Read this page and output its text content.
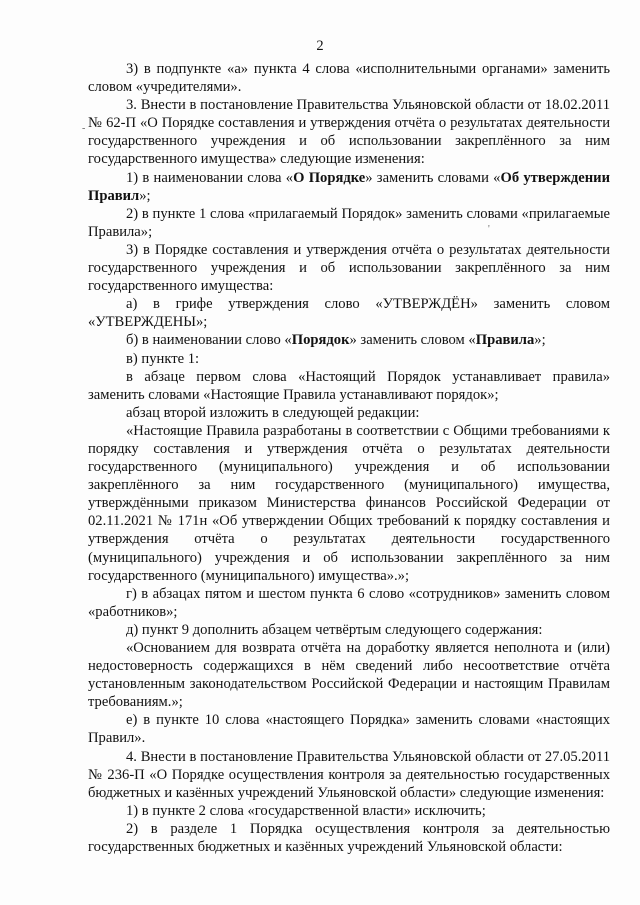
2

3) в подпункте «а» пункта 4 слова «исполнительными органами» заменить словом «учредителями».

3. Внести в постановление Правительства Ульяновской области от 18.02.2011 № 62-П «О Порядке составления и утверждения отчёта о результатах деятельности государственного учреждения и об использовании закреплённого за ним государственного имущества» следующие изменения:

1) в наименовании слова «О Порядке» заменить словами «Об утверждении Правил»;

2) в пункте 1 слова «прилагаемый Порядок» заменить словами «прилагаемые Правила»;

3) в Порядке составления и утверждения отчёта о результатах деятельности государственного учреждения и об использовании закреплённого за ним государственного имущества:

а) в грифе утверждения слово «УТВЕРЖДЁН» заменить словом «УТВЕРЖДЕНЫ»;

б) в наименовании слово «Порядок» заменить словом «Правила»;

в) пункте 1:

в абзаце первом слова «Настоящий Порядок устанавливает правила» заменить словами «Настоящие Правила устанавливают порядок»;

абзац второй изложить в следующей редакции:

«Настоящие Правила разработаны в соответствии с Общими требованиями к порядку составления и утверждения отчёта о результатах деятельности государственного (муниципального) учреждения и об использовании закреплённого за ним государственного (муниципального) имущества, утверждёнными приказом Министерства финансов Российской Федерации от 02.11.2021 № 171н «Об утверждении Общих требований к порядку составления и утверждения отчёта о результатах деятельности государственного (муниципального) учреждения и об использовании закреплённого за ним государственного (муниципального) имущества».»;

г) в абзацах пятом и шестом пункта 6 слово «сотрудников» заменить словом «работников»;

д) пункт 9 дополнить абзацем четвёртым следующего содержания:

«Основанием для возврата отчёта на доработку является неполнота и (или) недостоверность содержащихся в нём сведений либо несоответствие отчёта установленным законодательством Российской Федерации и настоящим Правилам требованиям.»;

е) в пункте 10 слова «настоящего Порядка» заменить словами «настоящих Правил».

4. Внести в постановление Правительства Ульяновской области от 27.05.2011 № 236-П «О Порядке осуществления контроля за деятельностью государственных бюджетных и казённых учреждений Ульяновской области» следующие изменения:

1) в пункте 2 слова «государственной власти» исключить;

2) в разделе 1 Порядка осуществления контроля за деятельностью государственных бюджетных и казённых учреждений Ульяновской области:

-
'
